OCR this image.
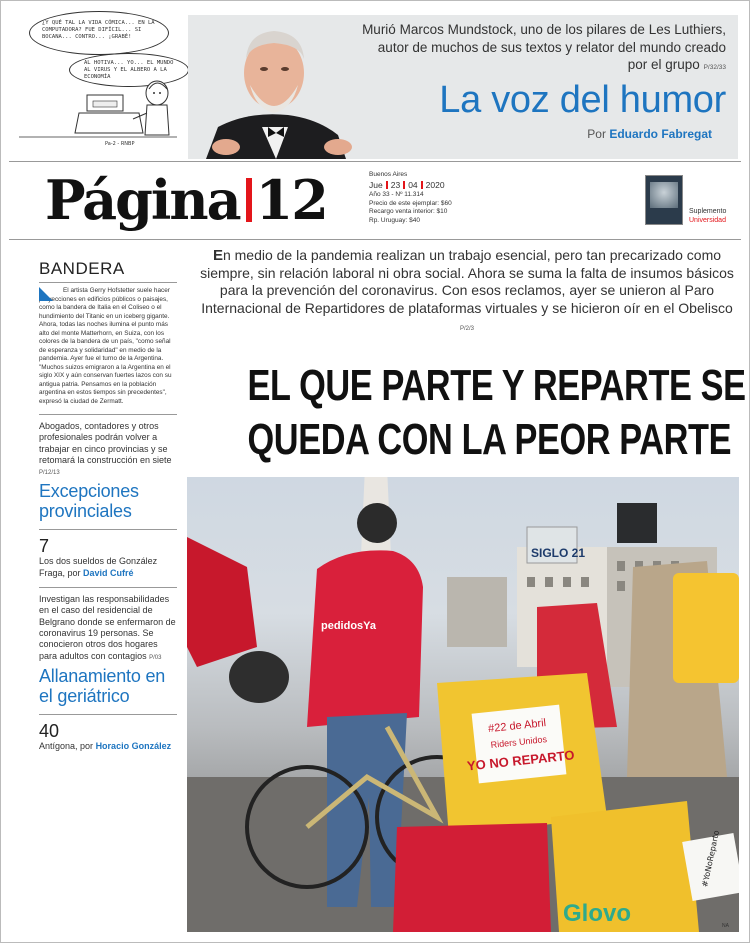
¿Y QUÉ TAL LA VIDA CÓMICA... EN LA COMPUTADORA? FUE DIFÍCIL... SI BOCANA... CONTRO... ¡GRABÉ!
AL HOTIVA... YO... EL MUNDO AL VIRUS Y EL ALBERO A LA ECONOMÍA
Pa-2 - RNBP
Murió Marcos Mundstock, uno de los pilares de Les Luthiers, autor de muchos de sus textos y relator del mundo creado por el grupo P/32/33
La voz del humor
Por Eduardo Fabregat
Página 12	Buenos Aires
Jue 23 04 2020
Año 33 - Nº 11.314
Precio de este ejemplar: $60
Recargo venta interior: $10
Rp. Uruguay: $40
Suplemento
Universidad
BANDERA
El artista Gerry Hofstetter suele hacer proyecciones en edificios públicos o paisajes, como la bandera de Italia en el Coliseo o el hundimiento del Titanic en un iceberg gigante. Ahora, todas las noches ilumina el punto más alto del monte Matterhorn, en Suiza, con los colores de la bandera de un país, "como señal de esperanza y solidaridad" en medio de la pandemia. Ayer fue el turno de la Argentina. "Muchos suizos emigraron a la Argentina en el siglo XIX y aún conservan fuertes lazos con su antigua patria. Pensamos en la población argentina en estos tiempos sin precedentes", expresó la ciudad de Zermatt.
Abogados, contadores y otros profesionales podrán volver a trabajar en cinco provincias y se retomará la construcción en siete P/12/13
Excepciones provinciales
7
Los dos sueldos de González Fraga, por David Cufré
Investigan las responsabilidades en el caso del residencial de Belgrano donde se enfermaron de coronavirus 19 personas. Se conocieron otros dos hogares para adultos con contagios P/03
Allanamiento en el geriátrico
40
Antígona, por Horacio González
En medio de la pandemia realizan un trabajo esencial, pero tan precarizado como siempre, sin relación laboral ni obra social. Ahora se suma la falta de insumos básicos para la prevención del coronavirus. Con esos reclamos, ayer se unieron al Paro Internacional de Repartidores de plataformas virtuales y se hicieron oír en el Obelisco P/2/3
EL QUE PARTE Y REPARTE SE
QUEDA CON LA PEOR PARTE
SIGLO 21
pedidosYa
#22 de Abril
Riders Unidos
YO NO REPARTO
Glovo
#YoNoReparto
NA
